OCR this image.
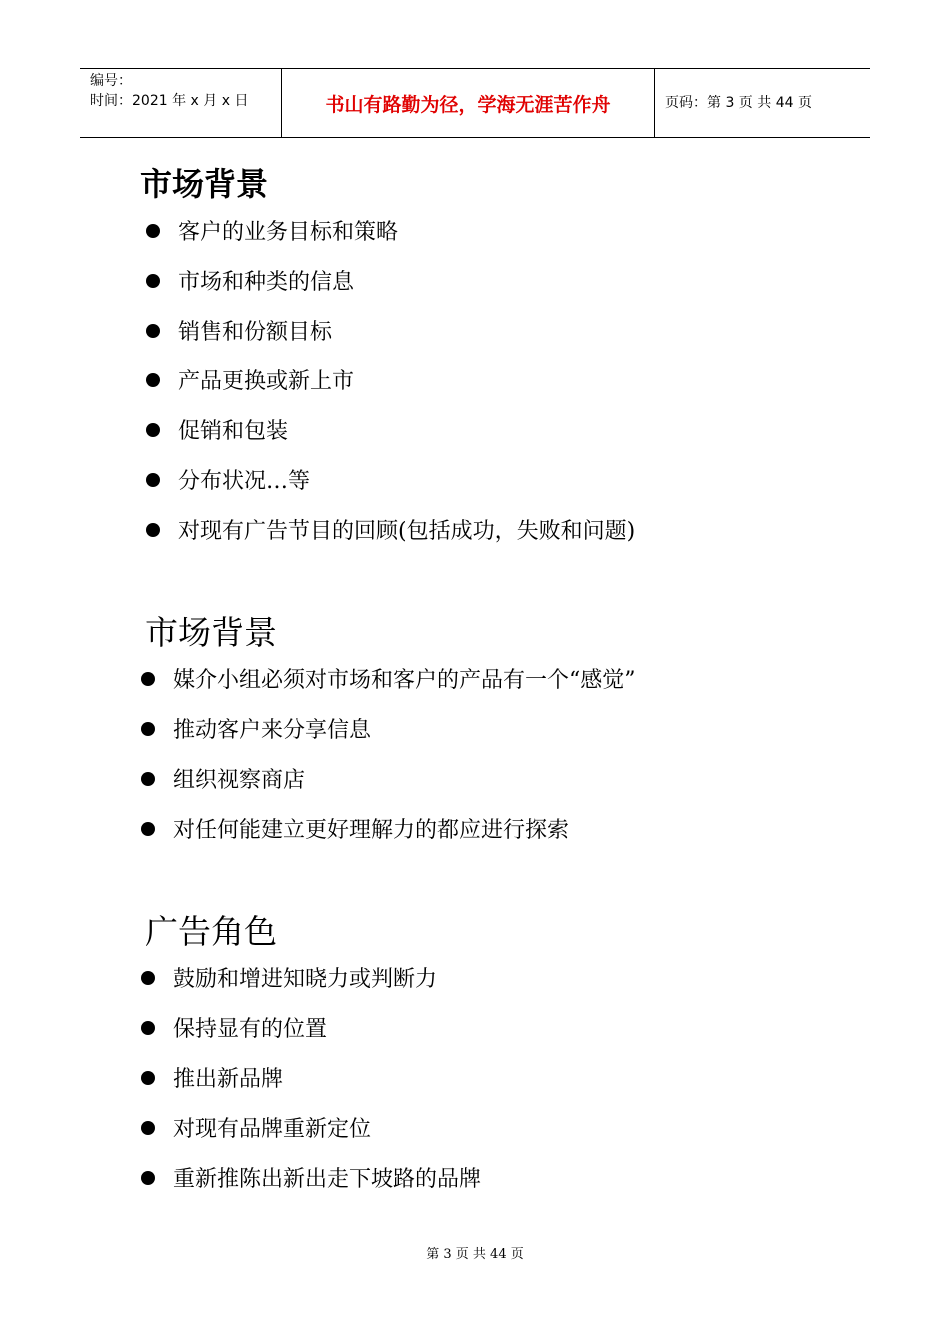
编号：
时间：2021 年 x 月 x 日	书山有路勤为径，学海无涯苦作舟	页码：第 3 页 共 44 页
市场背景
客户的业务目标和策略
市场和种类的信息
销售和份额目标
产品更换或新上市
促销和包装
分布状况…等
对现有广告节目的回顾(包括成功，失败和问题)
市场背景
媒介小组必须对市场和客户的产品有一个“感觉”
推动客户来分享信息
组织视察商店
对任何能建立更好理解力的都应进行探索
广告角色
鼓励和增进知晓力或判断力
保持显有的位置
推出新品牌
对现有品牌重新定位
重新推陈出新出走下坡路的品牌
第 3 页 共 44 页
